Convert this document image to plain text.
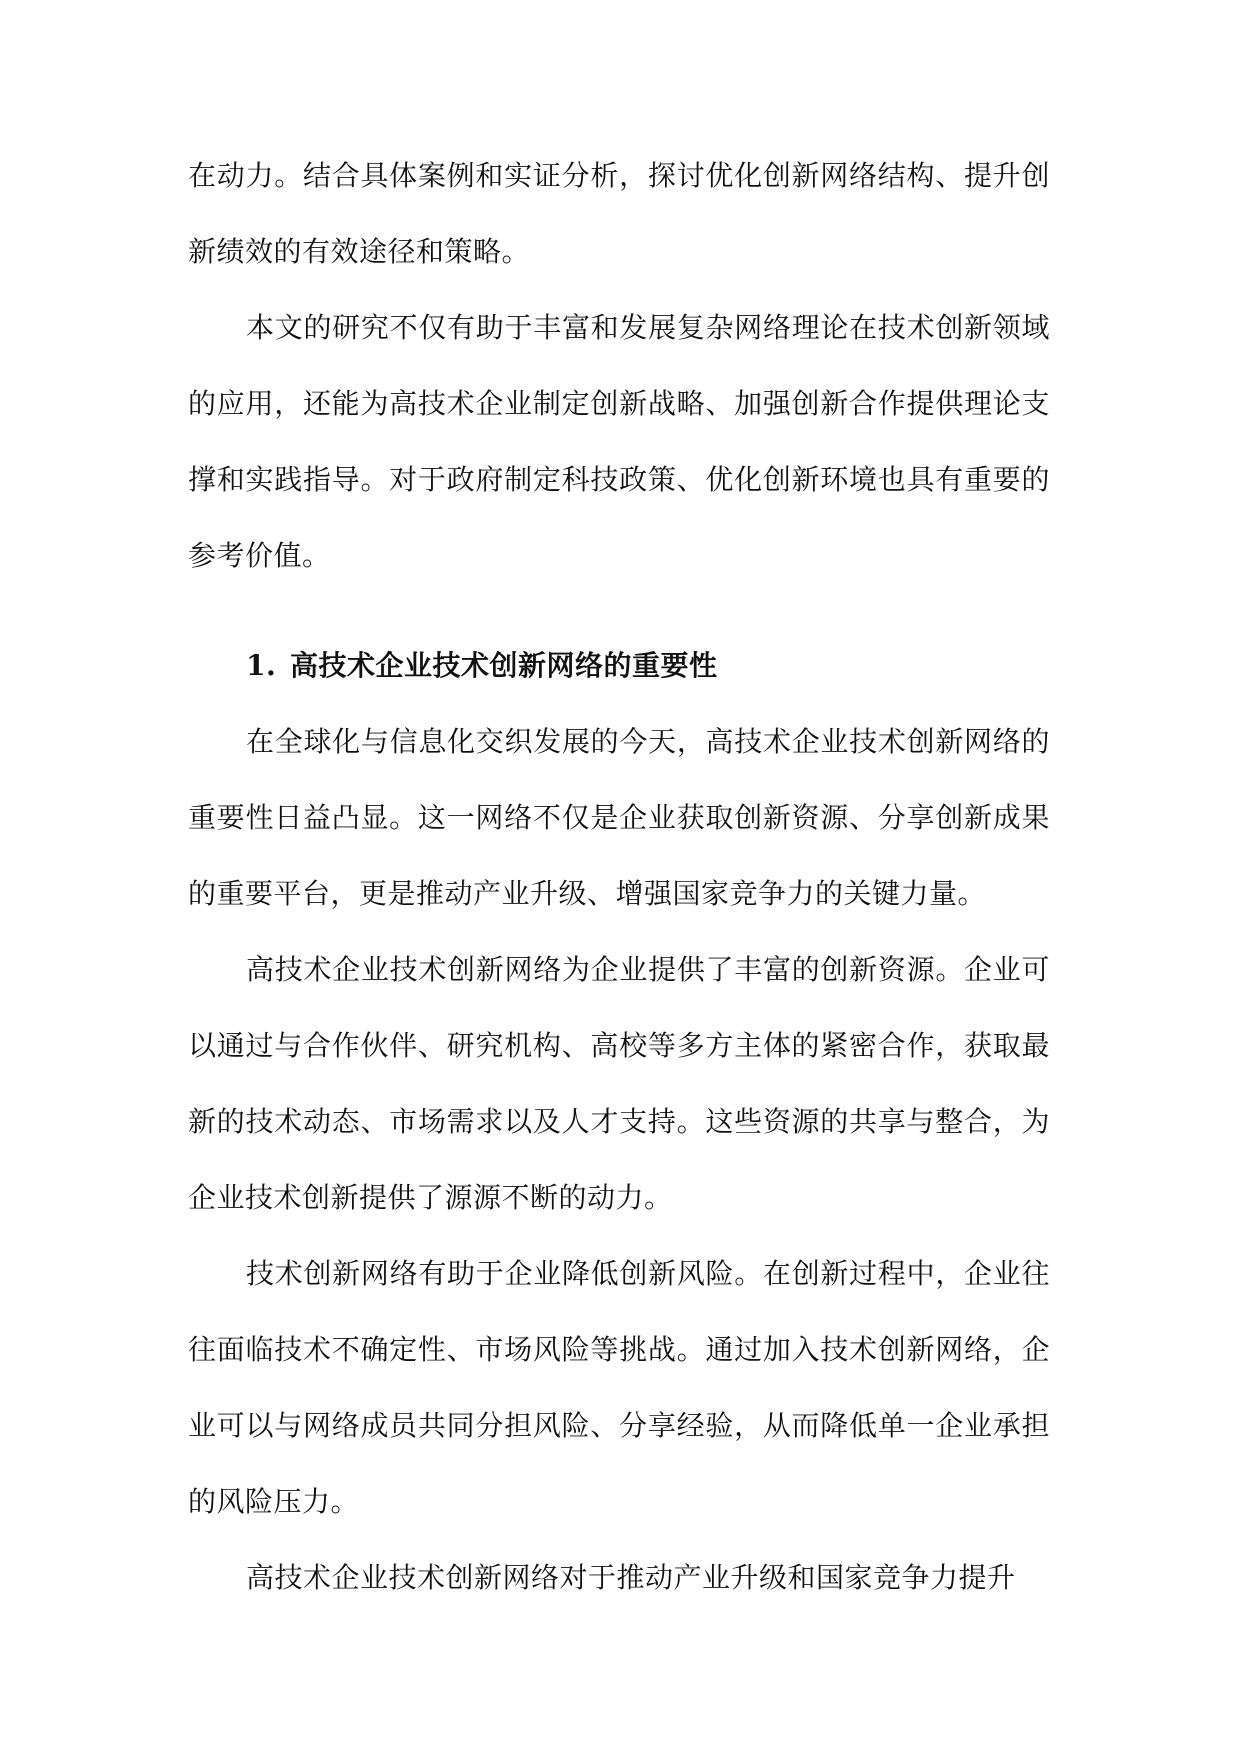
在动力。结合具体案例和实证分析，探讨优化创新网络结构、提升创新绩效的有效途径和策略。

本文的研究不仅有助于丰富和发展复杂网络理论在技术创新领域的应用，还能为高技术企业制定创新战略、加强创新合作提供理论支撑和实践指导。对于政府制定科技政策、优化创新环境也具有重要的参考价值。

1. 高技术企业技术创新网络的重要性

在全球化与信息化交织发展的今天，高技术企业技术创新网络的重要性日益凸显。这一网络不仅是企业获取创新资源、分享创新成果的重要平台，更是推动产业升级、增强国家竞争力的关键力量。

高技术企业技术创新网络为企业提供了丰富的创新资源。企业可以通过与合作伙伴、研究机构、高校等多方主体的紧密合作，获取最新的技术动态、市场需求以及人才支持。这些资源的共享与整合，为企业技术创新提供了源源不断的动力。

技术创新网络有助于企业降低创新风险。在创新过程中，企业往往面临技术不确定性、市场风险等挑战。通过加入技术创新网络，企业可以与网络成员共同分担风险、分享经验，从而降低单一企业承担的风险压力。

高技术企业技术创新网络对于推动产业升级和国家竞争力提升
